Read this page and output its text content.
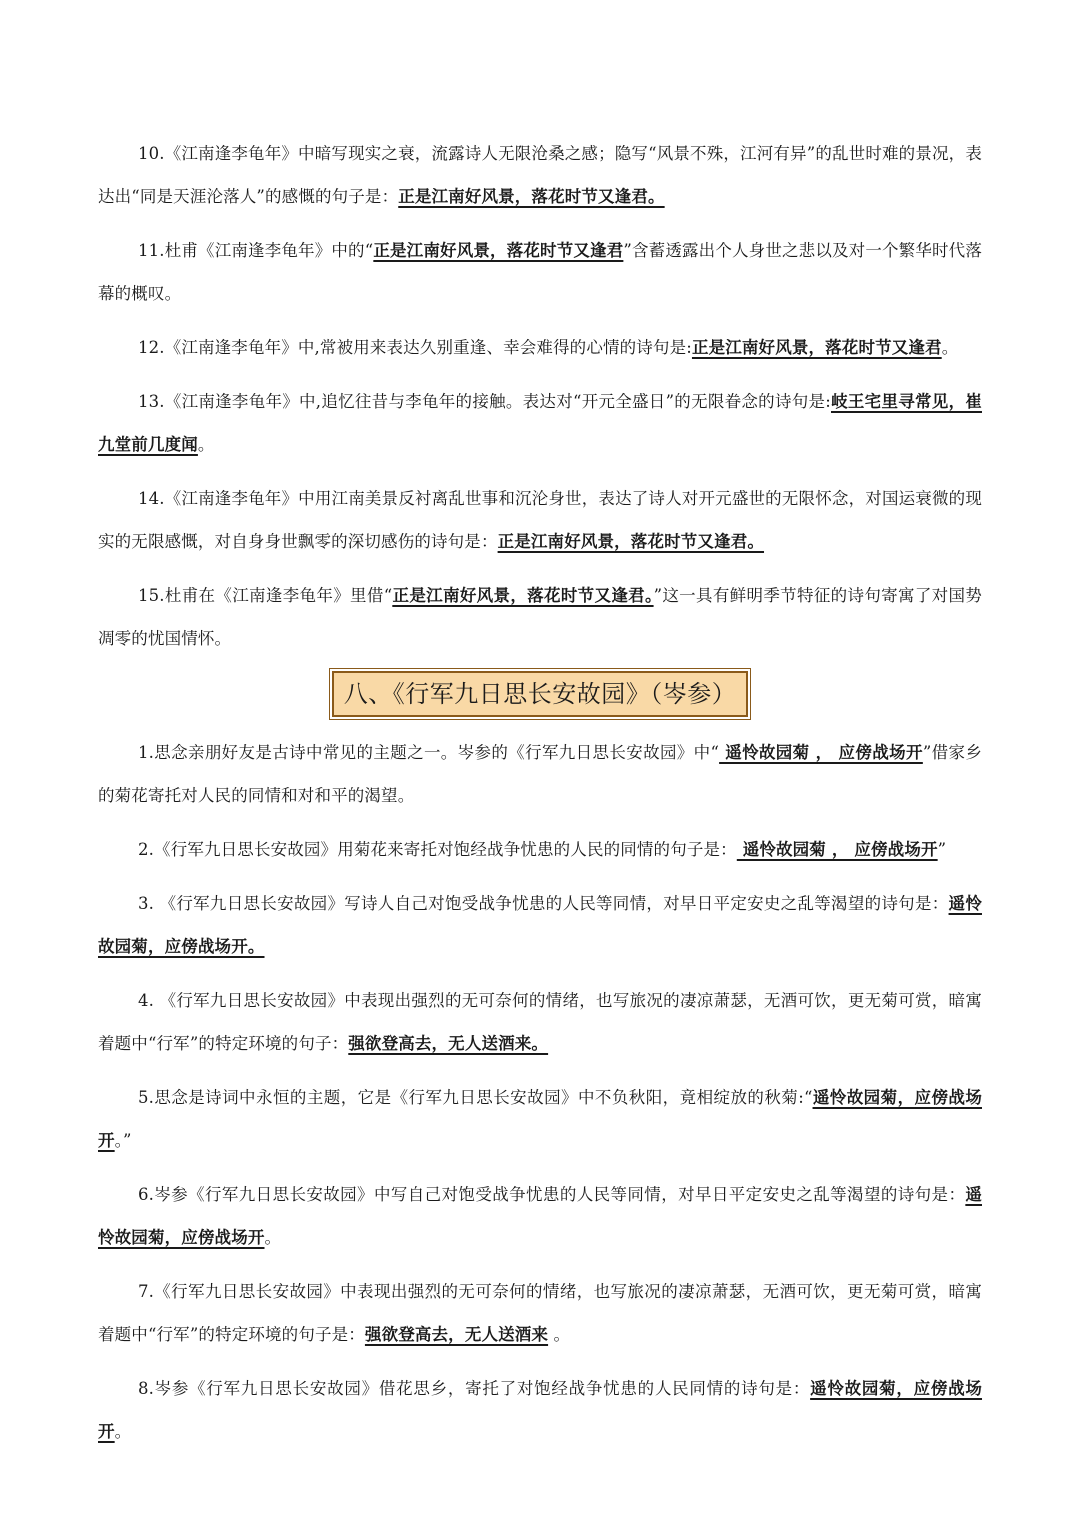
10.《江南逢李龟年》中暗写现实之衰，流露诗人无限沧桑之感；隐写“风景不殊，江河有异”的乱世时难的景况，表达出“同是天涯沦落人”的感慨的句子是：正是江南好风景，落花时节又逢君。

11.杜甫《江南逢李龟年》中的“正是江南好风景，落花时节又逢君”含蓄透露出个人身世之悲以及对一个繁华时代落幕的概叹。

12.《江南逢李龟年》中,常被用来表达久别重逢、幸会难得的心情的诗句是:正是江南好风景，落花时节又逢君。

13.《江南逢李龟年》中,追忆往昔与李龟年的接触。表达对“开元全盛日”的无限眷念的诗句是:岐王宅里寻常见，崔九堂前几度闻。

14.《江南逢李龟年》中用江南美景反衬离乱世事和沉沦身世，表达了诗人对开元盛世的无限怀念，对国运衰微的现实的无限感慨，对自身身世飘零的深切感伤的诗句是：正是江南好风景，落花时节又逢君。

15.杜甫在《江南逢李龟年》里借“正是江南好风景，落花时节又逢君。”这一具有鲜明季节特征的诗句寄寓了对国势凋零的忧国情怀。

八、《行军九日思长安故园》（岑参）

1.思念亲朋好友是古诗中常见的主题之一。岑参的《行军九日思长安故园》中“ 遥怜故园菊 ， 应傍战场开”借家乡的菊花寄托对人民的同情和对和平的渴望。

2.《行军九日思长安故园》用菊花来寄托对饱经战争忧患的人民的同情的句子是： 遥怜故园菊 ， 应傍战场开”

3. 《行军九日思长安故园》写诗人自己对饱受战争忧患的人民等同情，对早日平定安史之乱等渴望的诗句是：遥怜故园菊，应傍战场开。

4. 《行军九日思长安故园》中表现出强烈的无可奈何的情绪，也写旅况的凄凉萧瑟，无酒可饮，更无菊可赏，暗寓着题中“行军”的特定环境的句子：强欲登高去，无人送酒来。

5.思念是诗词中永恒的主题，它是《行军九日思长安故园》中不负秋阳，竟相绽放的秋菊:“遥怜故园菊，应傍战场开。”

6.岑参《行军九日思长安故园》中写自己对饱受战争忧患的人民等同情，对早日平定安史之乱等渴望的诗句是：遥怜故园菊，应傍战场开。

7.《行军九日思长安故园》中表现出强烈的无可奈何的情绪，也写旅况的凄凉萧瑟，无酒可饮，更无菊可赏，暗寓着题中“行军”的特定环境的句子是：强欲登高去，无人送酒来 。

8.岑参《行军九日思长安故园》借花思乡，寄托了对饱经战争忧患的人民同情的诗句是：遥怜故园菊，应傍战场开。
